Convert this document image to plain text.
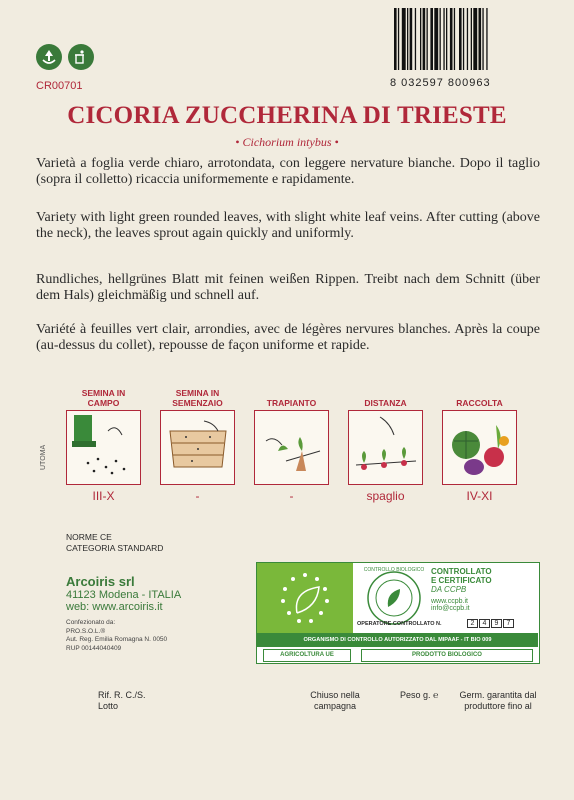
CR00701	8 032597 800963
CICORIA ZUCCHERINA DI TRIESTE
• Cichorium intybus •
Varietà a foglia verde chiaro, arrotondata, con leggere nervature bianche. Dopo il taglio (sopra il colletto) ricaccia uniformemente e rapidamente.
Variety with light green rounded leaves, with slight white leaf veins. After cutting (above the neck), the leaves sprout again quickly and uniformly.
Rundliches, hellgrünes Blatt mit feinen weißen Rippen. Treibt nach dem Schnitt (über dem Hals) gleichmäßig und schnell auf.
Variété à feuilles vert clair, arrondies, avec de légères nervures blanches. Après la coupe (au-dessus du collet), repousse de façon uniforme et rapide.
UTOMA
SEMINA IN CAMPO
III-X
SEMINA IN SEMENZAIO
-
TRAPIANTO
-
DISTANZA
spaglio
RACCOLTA
IV-XI
NORME CE
CATEGORIA STANDARD
Arcoiris srl
41123 Modena - ITALIA
web: www.arcoiris.it
Confezionato da:
PRO.S.O.L.®
Aut. Reg. Emilia Romagna N. 0050
RUP 00144040409
CONTROLLO BIOLOGICO CONTROLLATO
E CERTIFICATO
DA CCPB
www.ccpb.it
info@ccpb.it
OPERATORE CONTROLLATO N.	2	4	9	7
ORGANISMO DI CONTROLLO AUTORIZZATO DAL MIPAAF - IT BIO 009
AGRICOLTURA UE	PRODOTTO BIOLOGICO
Rif. R. C./S.
Lotto
Chiuso nella campagna
Peso g. ℮ Germ. garantita dal produttore fino al
